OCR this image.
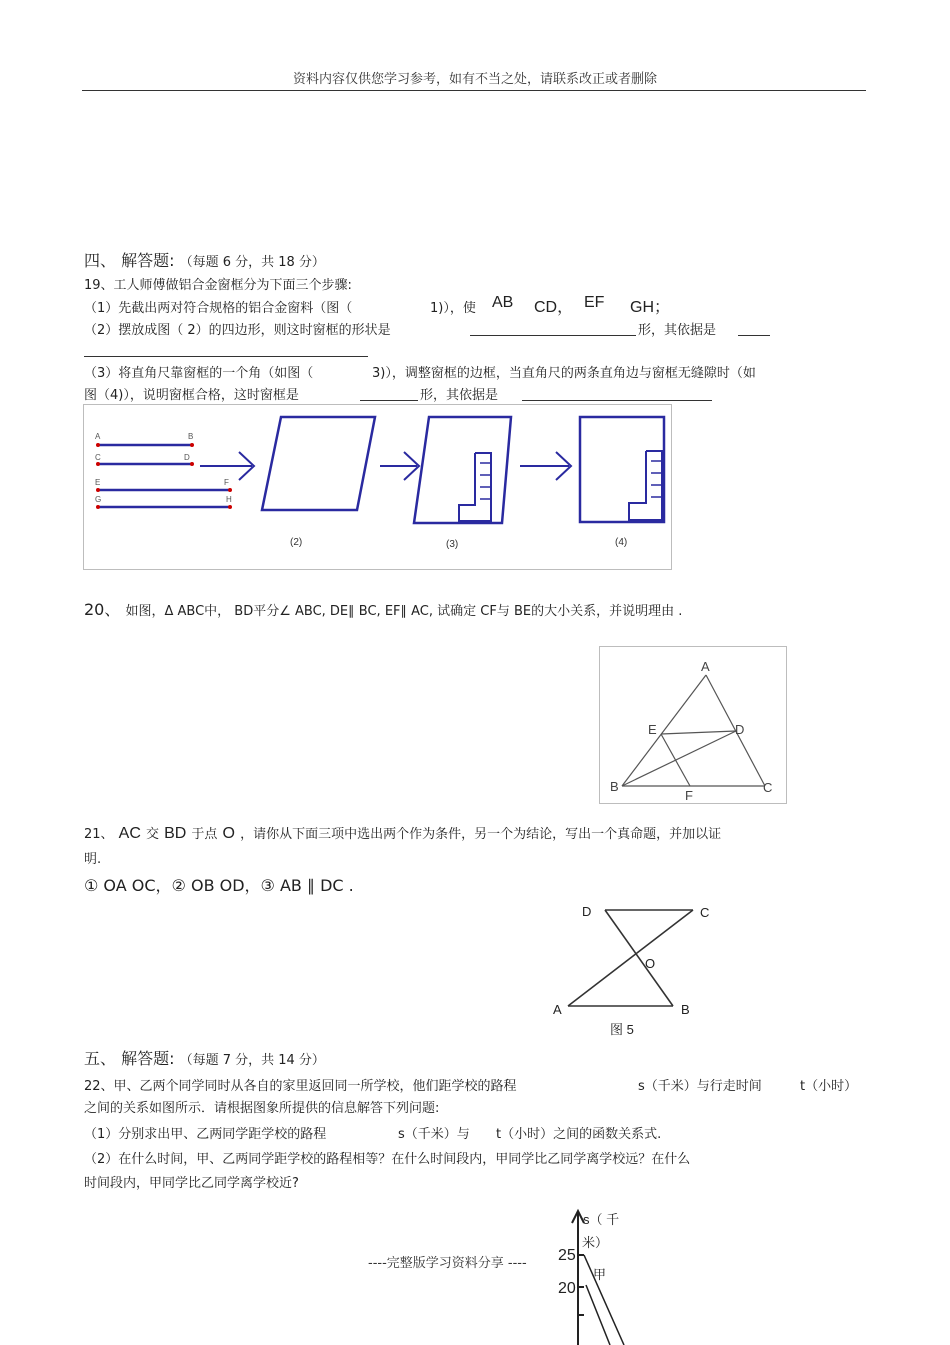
资料内容仅供您学习参考，如有不当之处，请联系改正或者删除
四、 解答题: （每题 6 分，共 18 分）
19、工人师傅做铝合金窗框分为下面三个步骤:
（1）先截出两对符合规格的铝合金窗料（图（	1)），使 AB CD， EF GH；
（2）摆放成图（ 2）的四边形，则这时窗框的形状是	形，其依据是
（3）将直角尺靠窗框的一个角（如图（	3)），调整窗框的边框，当直角尺的两条直角边与窗框无缝隙时（如
图（4)），说明窗框合格，这时窗框是	形，其依据是
A	B
C	D
E	F
G	H
(2)	(3)	(4)
20、 如图，Δ ABC中， BD平分∠ ABC, DE∥ BC, EF∥ AC, 试确定 CF与 BE的大小关系，并说明理由 .
A
B	C
D
E
F
21、 AC 交 BD 于点 O ，请你从下面三项中选出两个作为条件，另一个为结论，写出一个真命题，并加以证
明.
① OA OC，② OB OD，③ AB ∥ DC .
D	C
O
A	B
图 5
五、 解答题: （每题 7 分，共 14 分）
22、甲、乙两个同学同时从各自的家里返回同一所学校，他们距学校的路程	s（千米）与行走时间	t（小时）
之间的关系如图所示．请根据图象所提供的信息解答下列问题:
（1）分别求出甲、乙两同学距学校的路程	s（千米）与 t（小时）之间的函数关系式.
（2）在什么时间，甲、乙两同学距学校的路程相等？在什么时间段内，甲同学比乙同学离学校远？在什么
时间段内，甲同学比乙同学离学校近?
s（ 千
米）
25
20
甲
----完整版学习资料分享 ----
